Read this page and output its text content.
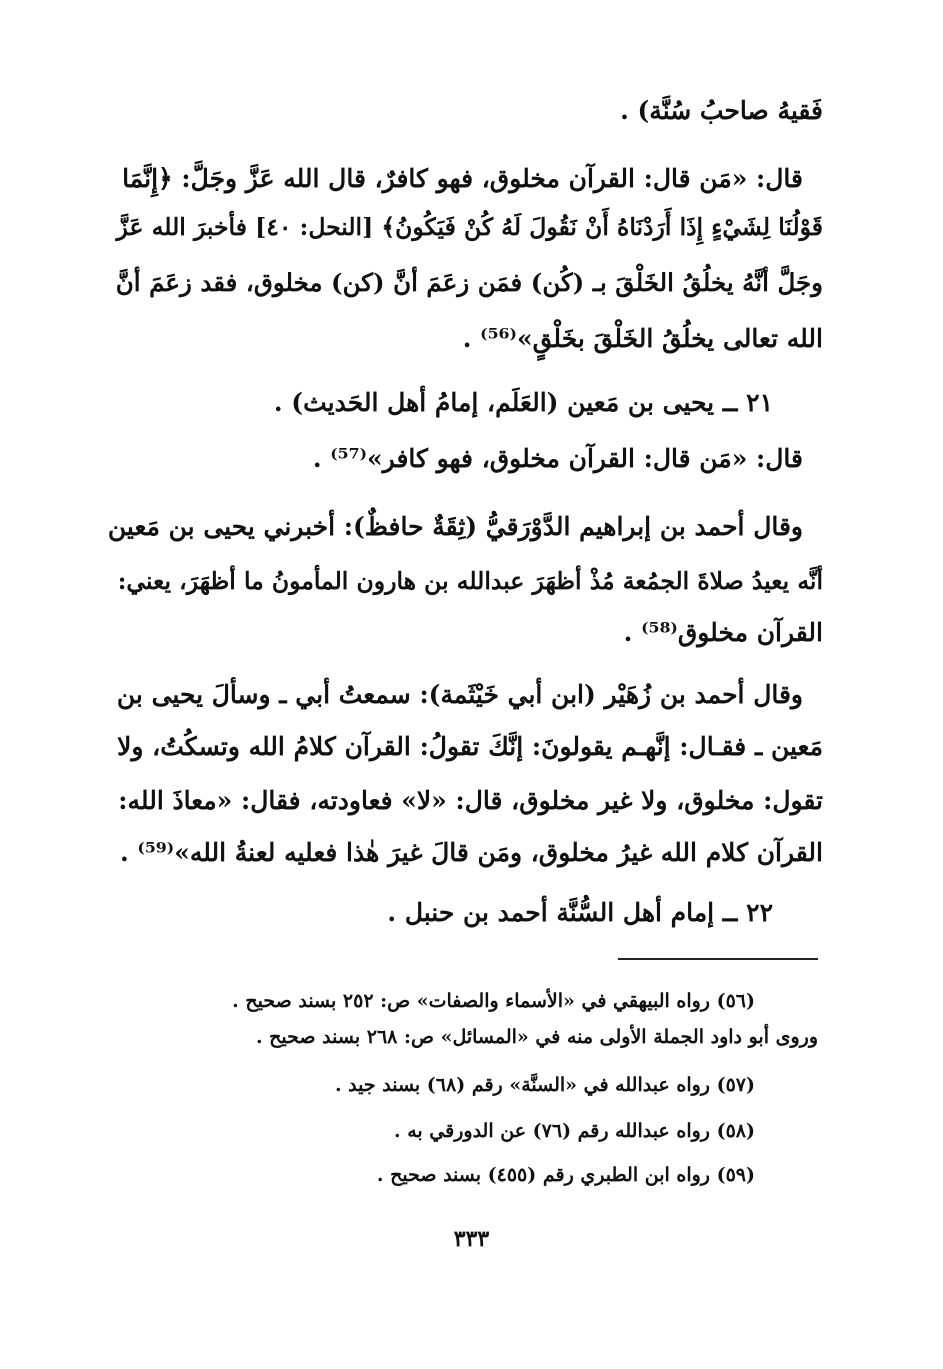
فَقيهُ صاحبُ سُنَّة) .
قال: «مَن قال: القرآن مخلوق، فهو كافرٌ، قال الله عَزَّ وجَلَّ: ﴿إِنَّمَا
قَوْلُنَا لِشَيْءٍ إِذَا أَرَدْنَاهُ أَنْ نَقُولَ لَهُ كُنْ فَيَكُونُ﴾ [النحل: ٤٠] فأخبرَ الله عَزَّ
وجَلَّ أنَّهُ يخلُقُ الخَلْقَ بـ (كُن) فمَن زعَمَ أنَّ (كن) مخلوق، فقد زعَمَ أنَّ
الله تعالى يخلُقُ الخَلْقَ بخَلْقٍ»⁽⁵⁶⁾ .
٢١ ــ يحيى بن مَعين (العَلَم، إمامُ أهل الحَديث) .
قال: «مَن قال: القرآن مخلوق، فهو كافر»⁽⁵⁷⁾ .
وقال أحمد بن إبراهيم الدَّوْرَقيُّ (ثِقَةٌ حافظٌ): أخبرني يحيى بن مَعين
أنَّه يعيدُ صلاةَ الجمُعة مُذْ أظهَرَ عبدالله بن هارون المأمونُ ما أظهَرَ، يعني:
القرآن مخلوق⁽⁵⁸⁾ .
وقال أحمد بن زُهَيْر (ابن أبي خَيْثَمة): سمعتُ أبي ـ وسألَ يحيى بن
مَعين ـ فقـال: إنَّهـم يقولونَ: إنَّكَ تقولُ: القرآن كلامُ الله وتسكُتُ، ولا
تقول: مخلوق، ولا غير مخلوق، قال: «لا» فعاودته، فقال: «معاذَ الله:
القرآن كلام الله غيرُ مخلوق، ومَن قالَ غيرَ هٰذا فعليه لعنةُ الله»⁽⁵⁹⁾ .
٢٢ ــ إمام أهل السُّنَّة أحمد بن حنبل .
(٥٦) رواه البيهقي في «الأسماء والصفات» ص: ٢٥٢ بسند صحيح .
وروى أبو داود الجملة الأولى منه في «المسائل» ص: ٢٦٨ بسند صحيح .
(٥٧) رواه عبدالله في «السنَّة» رقم (٦٨) بسند جيد .
(٥٨) رواه عبدالله رقم (٧٦) عن الدورقي به .
(٥٩) رواه ابن الطبري رقم (٤٥٥) بسند صحيح .
٣٣٣
